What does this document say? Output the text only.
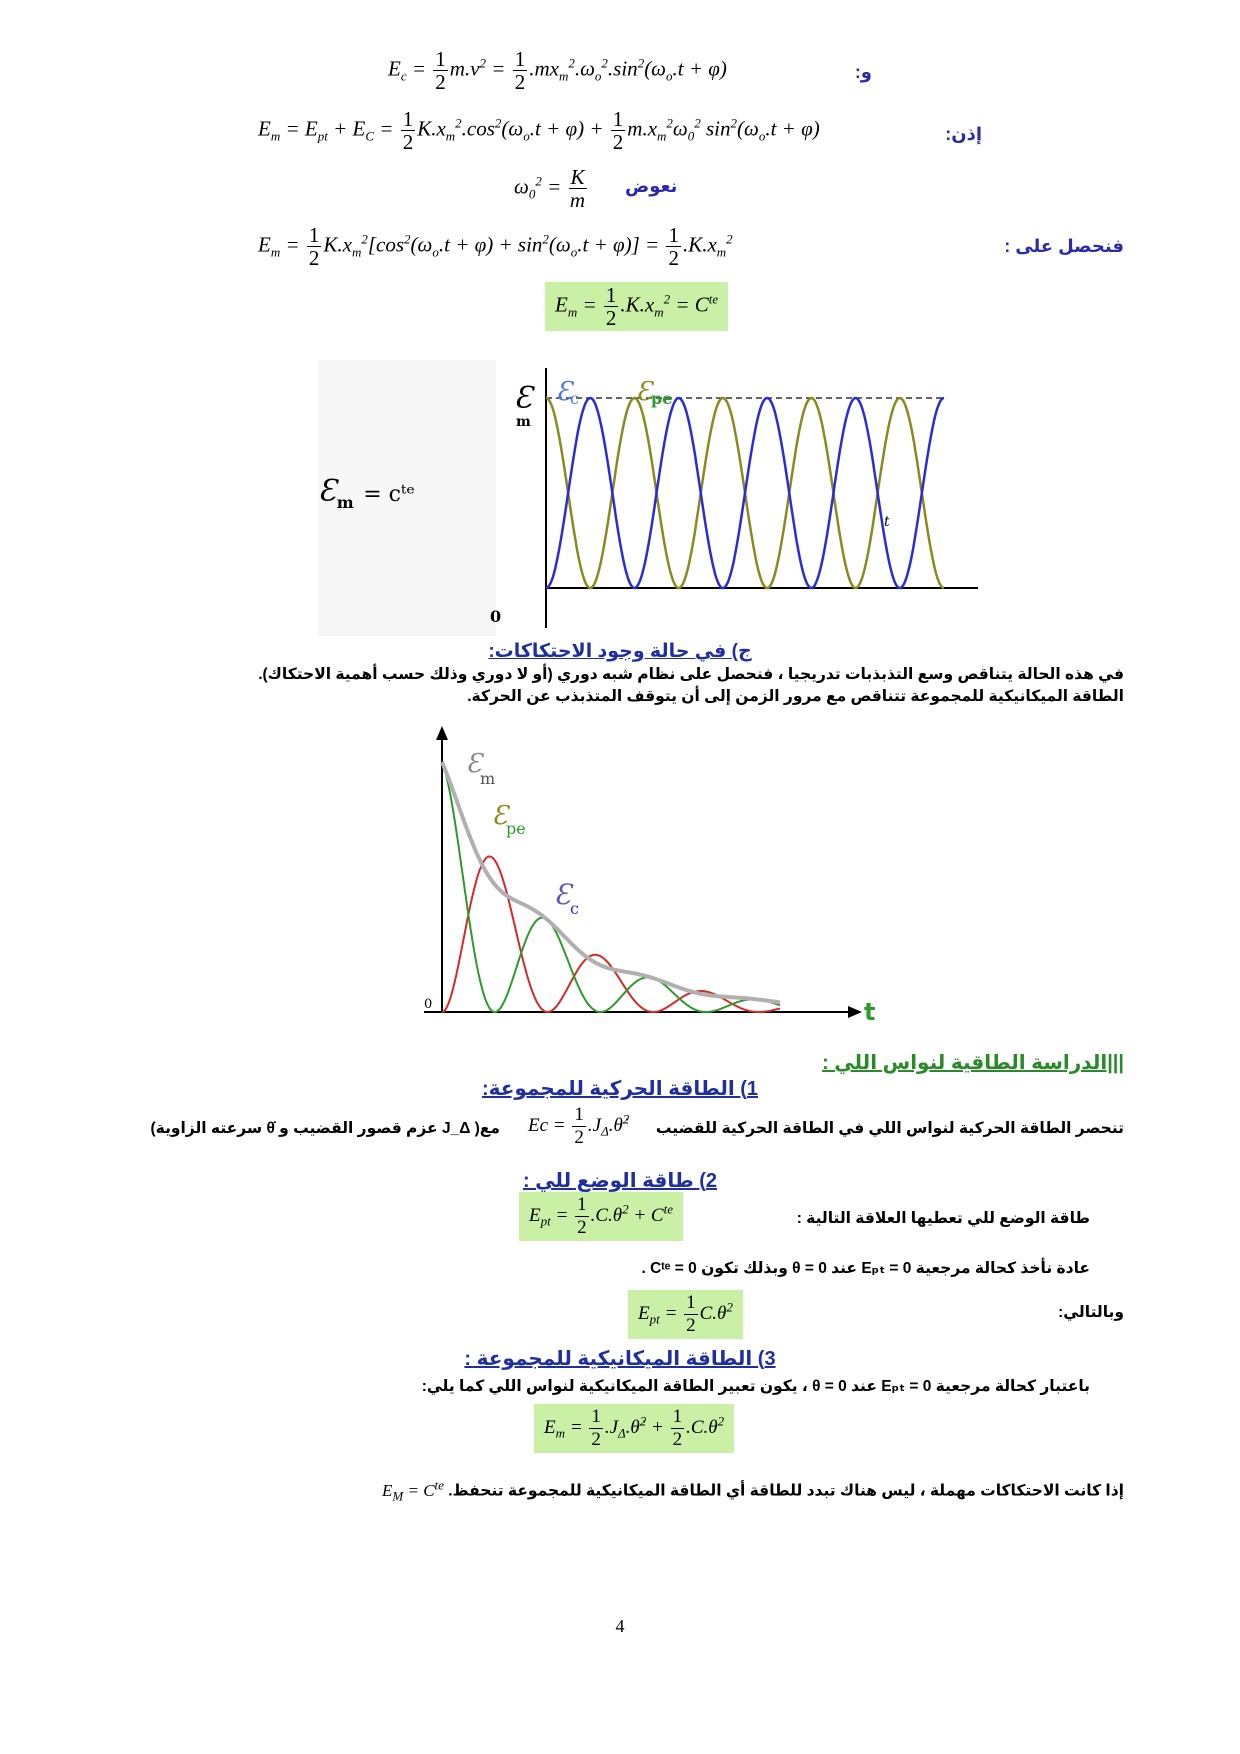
و:
$E_c = \frac{1}{2} m.v^2 = \frac{1}{2} .mx_m^2.\omega_o^2.\sin^2(\omega_o.t + \varphi)$
إذن:
$E_m = E_{pt} + E_C = \frac{1}{2} K.x_m^2.\cos^2(\omega_o.t + \varphi) + \frac{1}{2} m.x_m^2\omega_0^2$ $\sin^2(\omega_o.t + \varphi)$
نعوض
$\omega_0^2 = \frac{K}{m}$
فنحصل على :
$E_m = \frac{1}{2} K.x_m^2[\cos^2(\omega_o.t + \varphi) + \sin^2(\omega_o.t + \varphi)] = \frac{1}{2} .K.x_m^2$
$E_m = \frac{1}{2} .K.x_m^2 = C^{te}$
$Ɛ_m$ = cᵗᵉ
Ɛ
m
Ɛ
c Ɛ
pe
t
0
ج) في حالة وجود الاحتكاكات:
في هذه الحالة يتناقص وسع التذبذبات تدريجيا ، فنحصل على نظام شبه دوري (أو لا دوري وذلك حسب أهمية الاحتكاك).
الطاقة الميكانيكية للمجموعة تتناقص مع مرور الزمن إلى أن يتوقف المتذبذب عن الحركة.
Ɛ
m
Ɛ
pe
Ɛ
c
t
0
|||الدراسة الطاقية لنواس اللي :
1) الطاقة الحركية للمجموعة:
تنحصر الطاقة الحركية لنواس اللي في الطاقة الحركية للقضيب
$Ec = \frac{1}{2}$ $.J_\Delta.\thetȧ^2$
مع( J_Δ عزم قصور القضيب و θ̇ سرعته الزاوية)
2) طاقة الوضع للي :
طاقة الوضع للي تعطيها العلاقة التالية :
$E_{pt} = \frac{1}{2} .C.\theta^2 + C^{te}$
عادة نأخذ كحالة مرجعية Eₚₜ = 0 عند θ = 0 وبذلك تكون Cᵗᵉ = 0 .
وبالتالي:
$E_{pt} = \frac{1}{2} C.\theta^2$
3) الطاقة الميكانيكية للمجموعة :
باعتبار كحالة مرجعية Eₚₜ = 0 عند θ = 0 ، يكون تعبير الطاقة الميكانيكية لنواس اللي كما يلي:
$E_m = \frac{1}{2}$ $.J_\Delta.\thetȧ^2 + \frac{1}{2} .C.\theta^2$
إذا كانت الاحتكاكات مهملة ، ليس هناك تبدد للطاقة أي الطاقة الميكانيكية للمجموعة تنحفظ. $E_M = C^{te}$
4
